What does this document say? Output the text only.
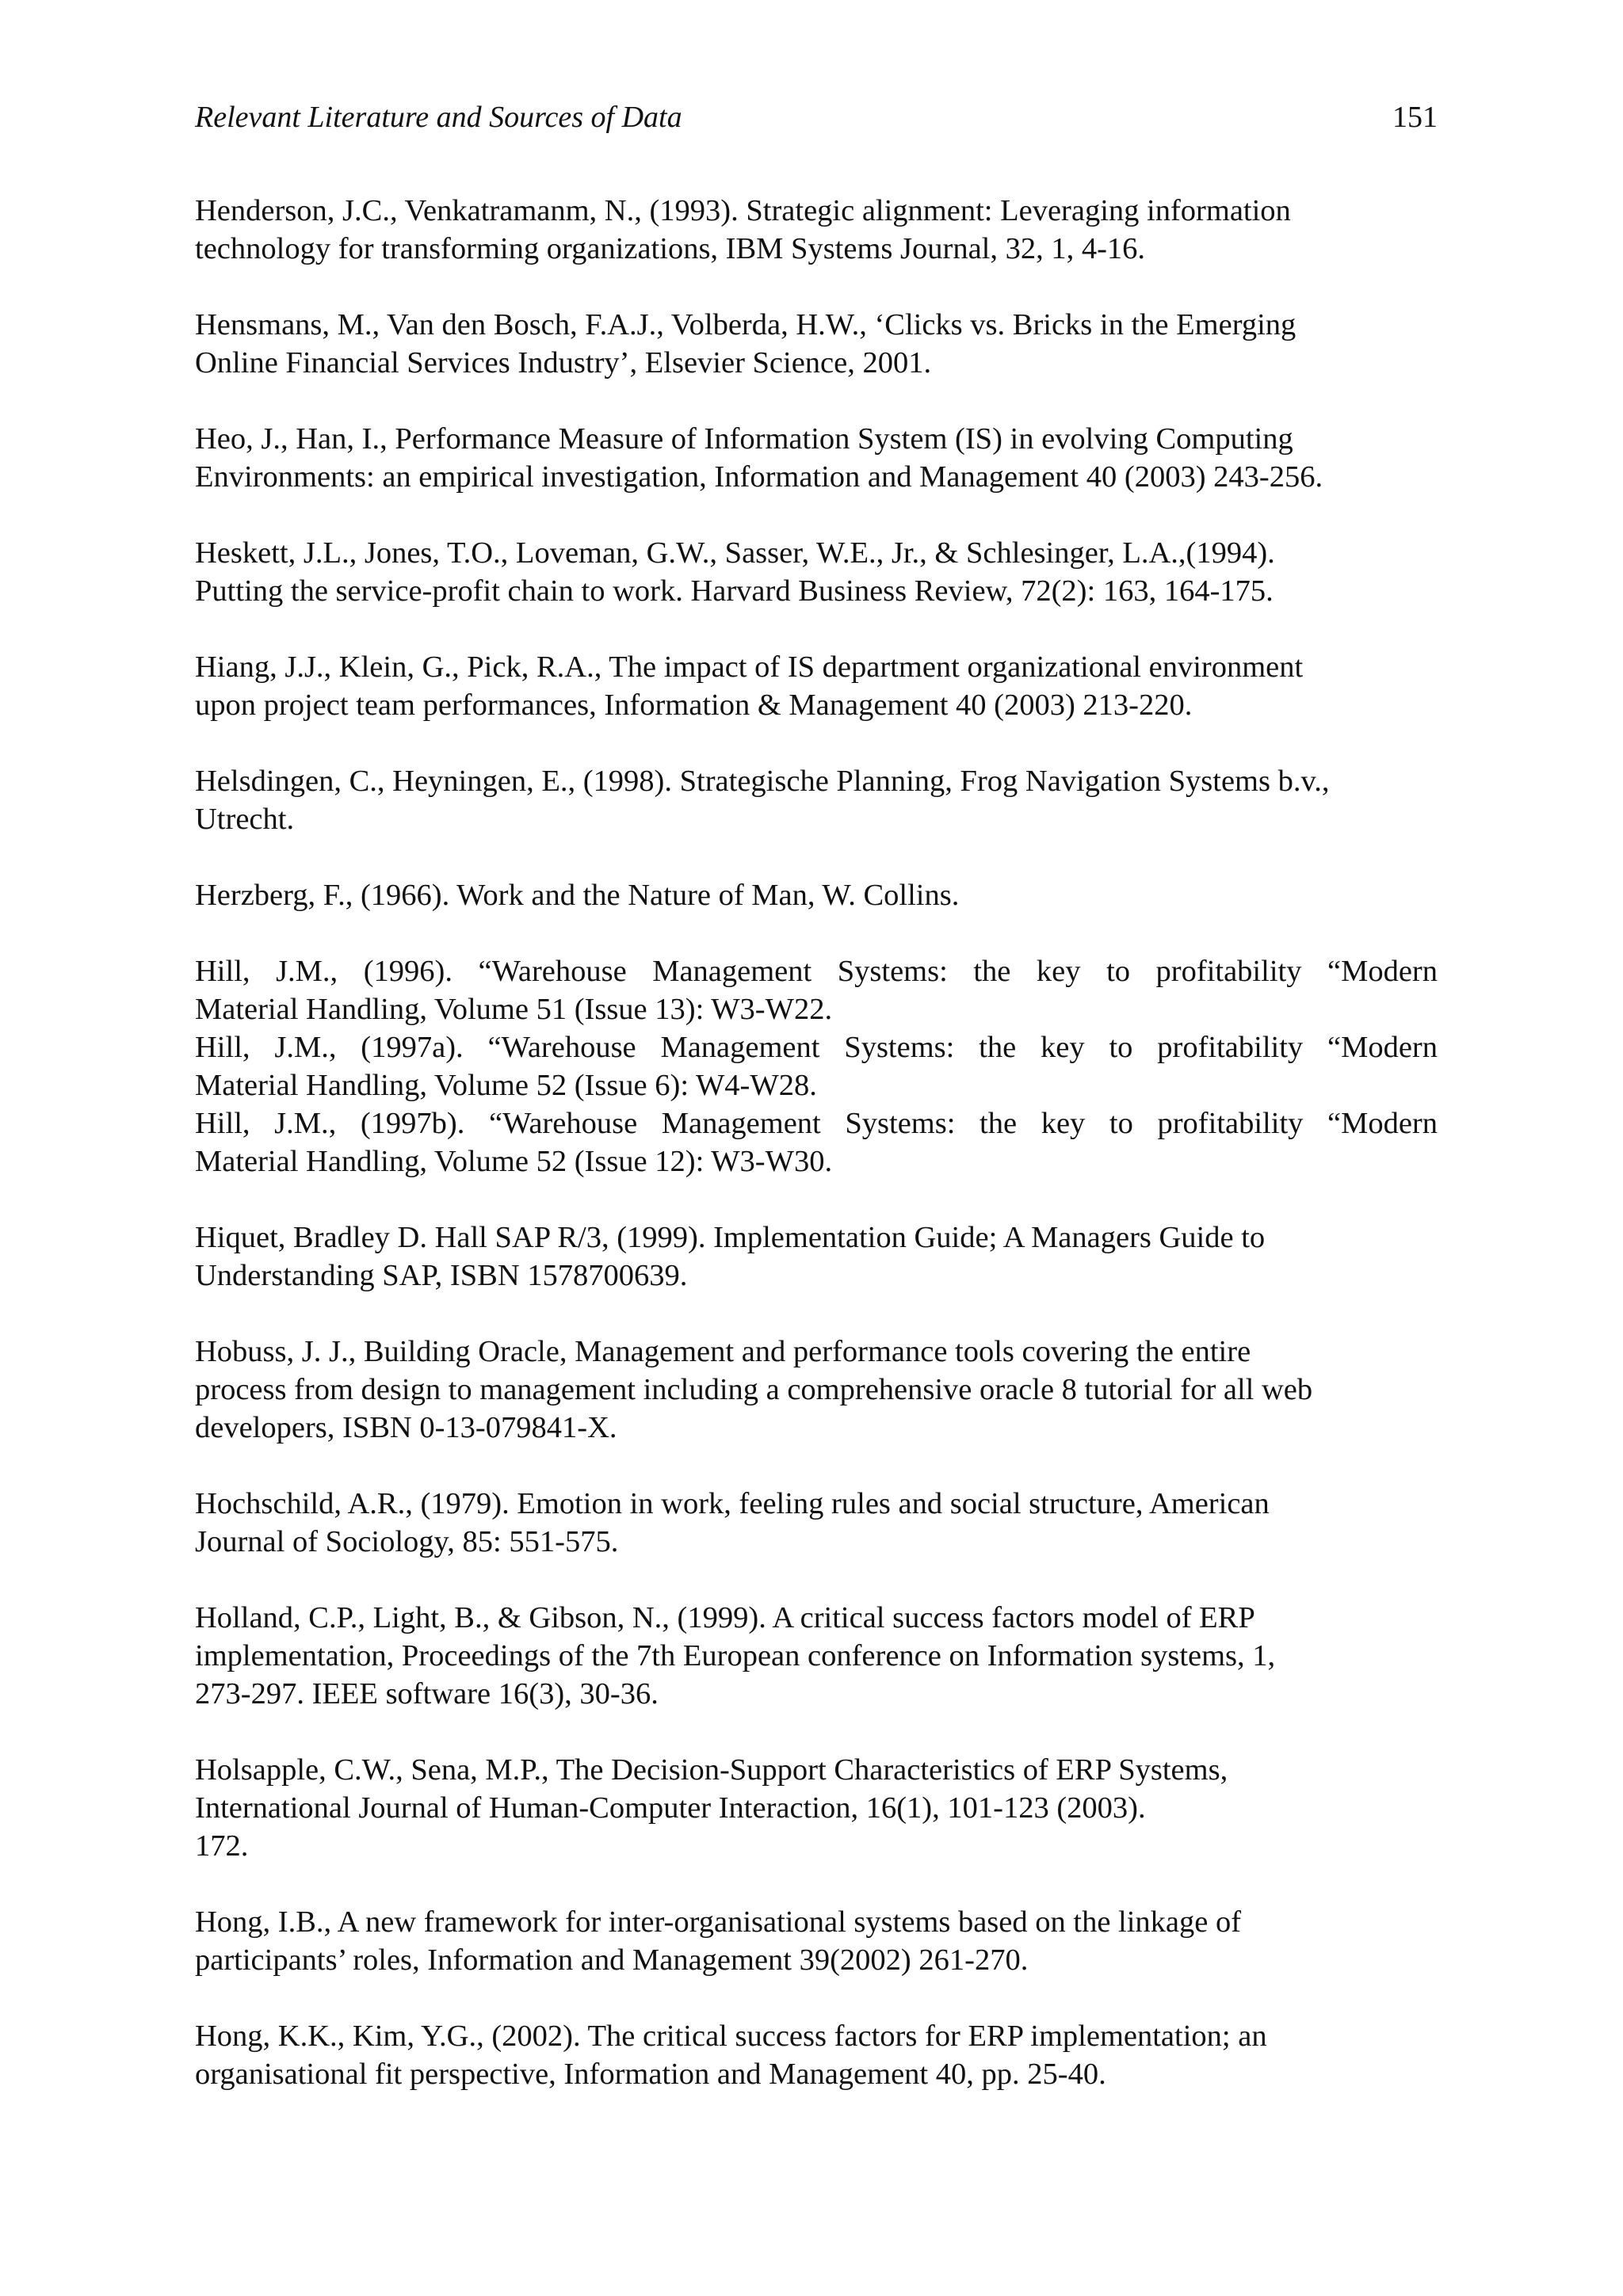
Relevant Literature and Sources of Data	151
Henderson, J.C., Venkatramanm, N., (1993). Strategic alignment: Leveraging information
technology for transforming organizations, IBM Systems Journal, 32, 1, 4-16.
Hensmans, M., Van den Bosch, F.A.J., Volberda, H.W., ‘Clicks vs. Bricks in the Emerging
Online Financial Services Industry’, Elsevier Science, 2001.
Heo, J., Han, I., Performance Measure of Information System (IS) in evolving Computing
Environments: an empirical investigation, Information and Management 40 (2003) 243-256.
Heskett, J.L., Jones, T.O., Loveman, G.W., Sasser, W.E., Jr., & Schlesinger, L.A.,(1994).
Putting the service-profit chain to work. Harvard Business Review, 72(2): 163, 164-175.
Hiang, J.J., Klein, G., Pick, R.A., The impact of IS department organizational environment
upon project team performances, Information & Management 40 (2003) 213-220.
Helsdingen, C., Heyningen, E., (1998). Strategische Planning, Frog Navigation Systems b.v.,
Utrecht.
Herzberg, F., (1966). Work and the Nature of Man, W. Collins.
Hill, J.M., (1996). “Warehouse Management Systems: the key to profitability “Modern
Material Handling, Volume 51 (Issue 13): W3-W22.
Hill, J.M., (1997a). “Warehouse Management Systems: the key to profitability “Modern
Material Handling, Volume 52 (Issue 6): W4-W28.
Hill, J.M., (1997b). “Warehouse Management Systems: the key to profitability “Modern
Material Handling, Volume 52 (Issue 12): W3-W30.
Hiquet, Bradley D. Hall SAP R/3, (1999). Implementation Guide; A Managers Guide to
Understanding SAP, ISBN 1578700639.
Hobuss, J. J., Building Oracle, Management and performance tools covering the entire
process from design to management including a comprehensive oracle 8 tutorial for all web
developers, ISBN 0-13-079841-X.
Hochschild, A.R., (1979). Emotion in work, feeling rules and social structure, American
Journal of Sociology, 85: 551-575.
Holland, C.P., Light, B., & Gibson, N., (1999). A critical success factors model of ERP
implementation, Proceedings of the 7th European conference on Information systems, 1,
273-297. IEEE software 16(3), 30-36.
Holsapple, C.W., Sena, M.P., The Decision-Support Characteristics of ERP Systems,
International Journal of Human-Computer Interaction, 16(1), 101-123 (2003).
172.
Hong, I.B., A new framework for inter-organisational systems based on the linkage of
participants’ roles, Information and Management 39(2002) 261-270.
Hong, K.K., Kim, Y.G., (2002). The critical success factors for ERP implementation; an
organisational fit perspective, Information and Management 40, pp. 25-40.
